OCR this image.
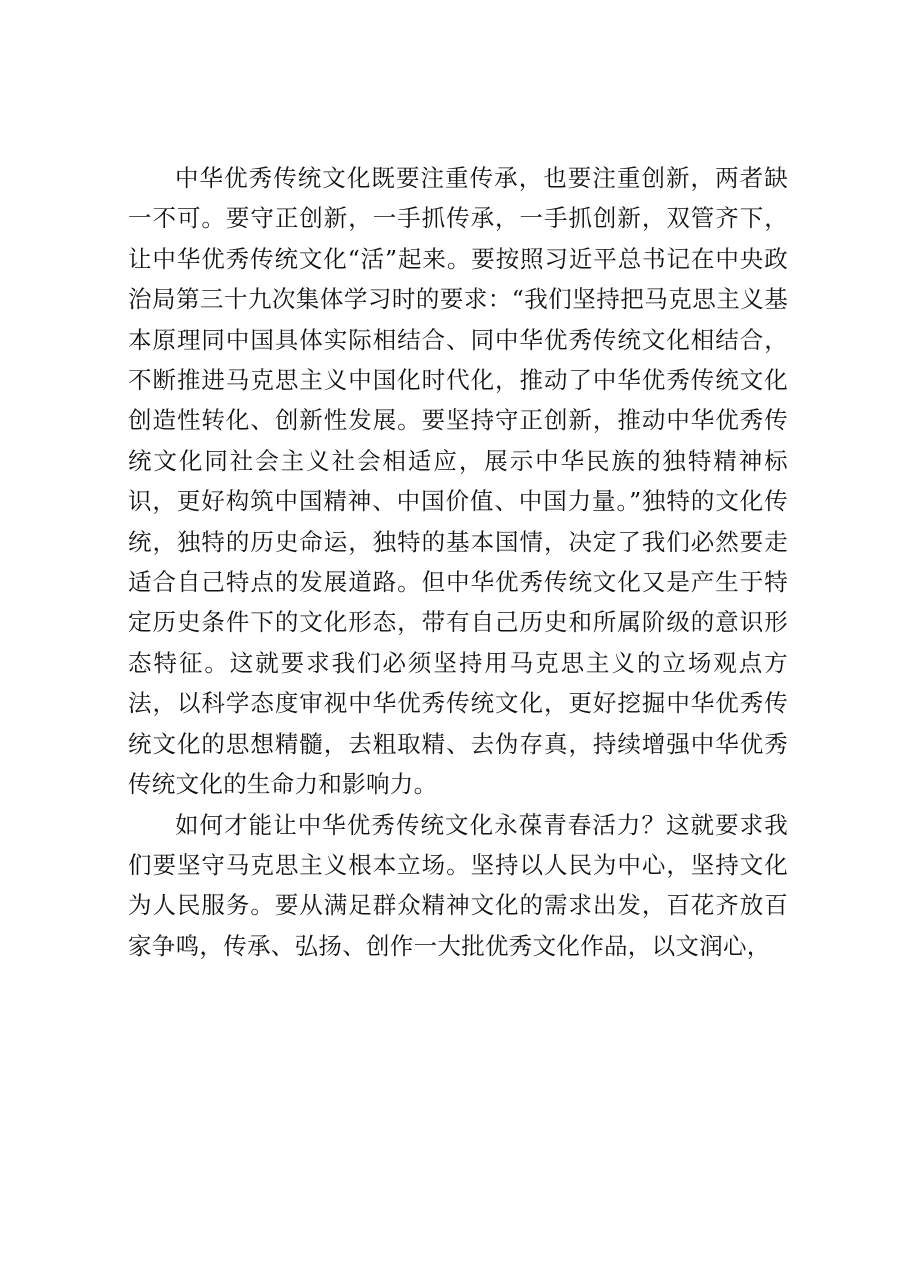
中华优秀传统文化既要注重传承，也要注重创新，两者缺一不可。要守正创新，一手抓传承，一手抓创新，双管齐下，让中华优秀传统文化“活”起来。要按照习近平总书记在中央政治局第三十九次集体学习时的要求：“我们坚持把马克思主义基本原理同中国具体实际相结合、同中华优秀传统文化相结合，不断推进马克思主义中国化时代化，推动了中华优秀传统文化创造性转化、创新性发展。要坚持守正创新，推动中华优秀传统文化同社会主义社会相适应，展示中华民族的独特精神标识，更好构筑中国精神、中国价值、中国力量。”独特的文化传统，独特的历史命运，独特的基本国情，决定了我们必然要走适合自己特点的发展道路。但中华优秀传统文化又是产生于特定历史条件下的文化形态，带有自己历史和所属阶级的意识形态特征。这就要求我们必须坚持用马克思主义的立场观点方法，以科学态度审视中华优秀传统文化，更好挖掘中华优秀传统文化的思想精髓，去粗取精、去伪存真，持续增强中华优秀传统文化的生命力和影响力。

如何才能让中华优秀传统文化永葆青春活力？这就要求我们要坚守马克思主义根本立场。坚持以人民为中心，坚持文化为人民服务。要从满足群众精神文化的需求出发，百花齐放百家争鸣，传承、弘扬、创作一大批优秀文化作品，以文润心，
